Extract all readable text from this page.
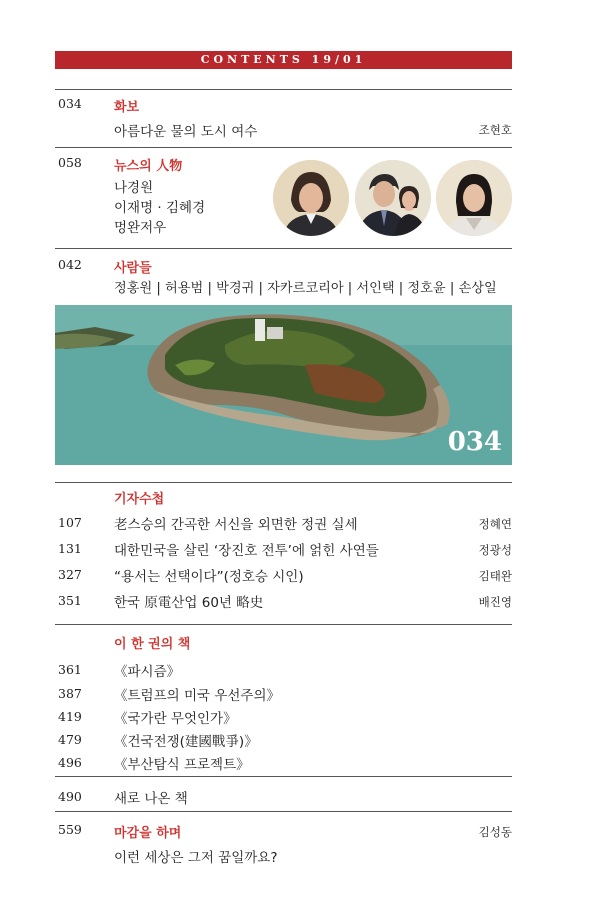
CONTENTS 19/01
034 화보
아름다운 물의 도시 여수	조현호
058 뉴스의 人物
나경원
이재명 · 김혜경
멍완저우
042 사람들
정홍원 | 허용범 | 박경귀 | 자카르코리아 | 서인택 | 정호윤 | 손상일
034
기자수첩
107 老스승의 간곡한 서신을 외면한 정권 실세	정혜연
131 대한민국을 살린 ‘장진호 전투’에 얽힌 사연들	정광성
327 “용서는 선택이다”(정호승 시인)	김태완
351 한국 原電산업 60년 略史	배진영
이 한 권의 책
361 《파시즘》
387 《트럼프의 미국 우선주의》
419 《국가란 무엇인가》
479 《건국전쟁(建國戰爭)》
496 《부산탐식 프로젝트》
490 새로 나온 책
559 마감을 하며	김성동
이런 세상은 그저 꿈일까요?
